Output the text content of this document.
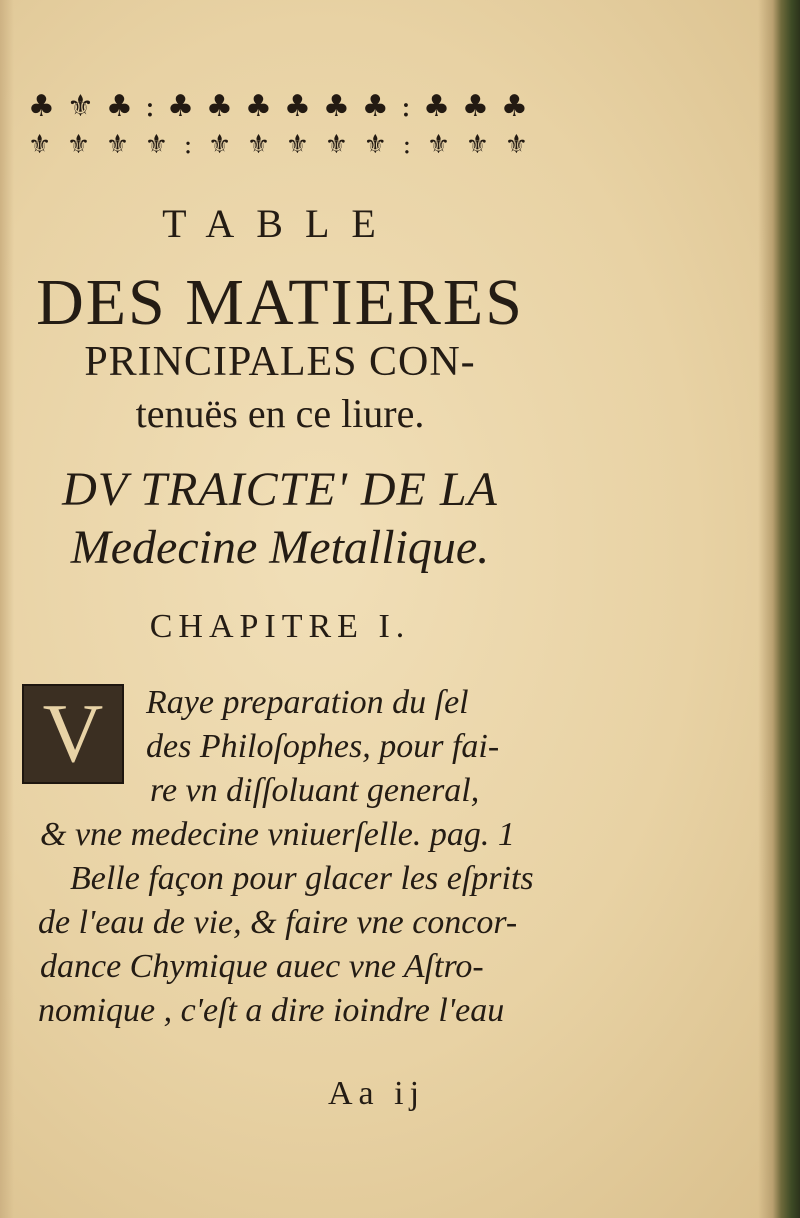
♣ ⚜ ♣ : ♣ ♣ ♣ ♣ ♣ ♣ : ♣ ♣ ♣
⚜ ⚜ ⚜ ⚜ : ⚜ ⚜ ⚜ ⚜ ⚜ : ⚜ ⚜ ⚜
TABLE
DES MATIERES
PRINCIPALES CON-
tenuës en ce liure.
DV TRAICTE' DE LA
Medecine Metallique.
CHAPITRE I.
V Raye preparation du ſel
des Philoſophes, pour fai-
re vn diſſoluant general,
& vne medecine vniuerſelle. pag. 1
Belle façon pour glacer les eſprits
de l'eau de vie, & faire vne concor-
dance Chymique auec vne Aſtro-
nomique , c'eſt a dire ioindre l'eau
Aa ij
